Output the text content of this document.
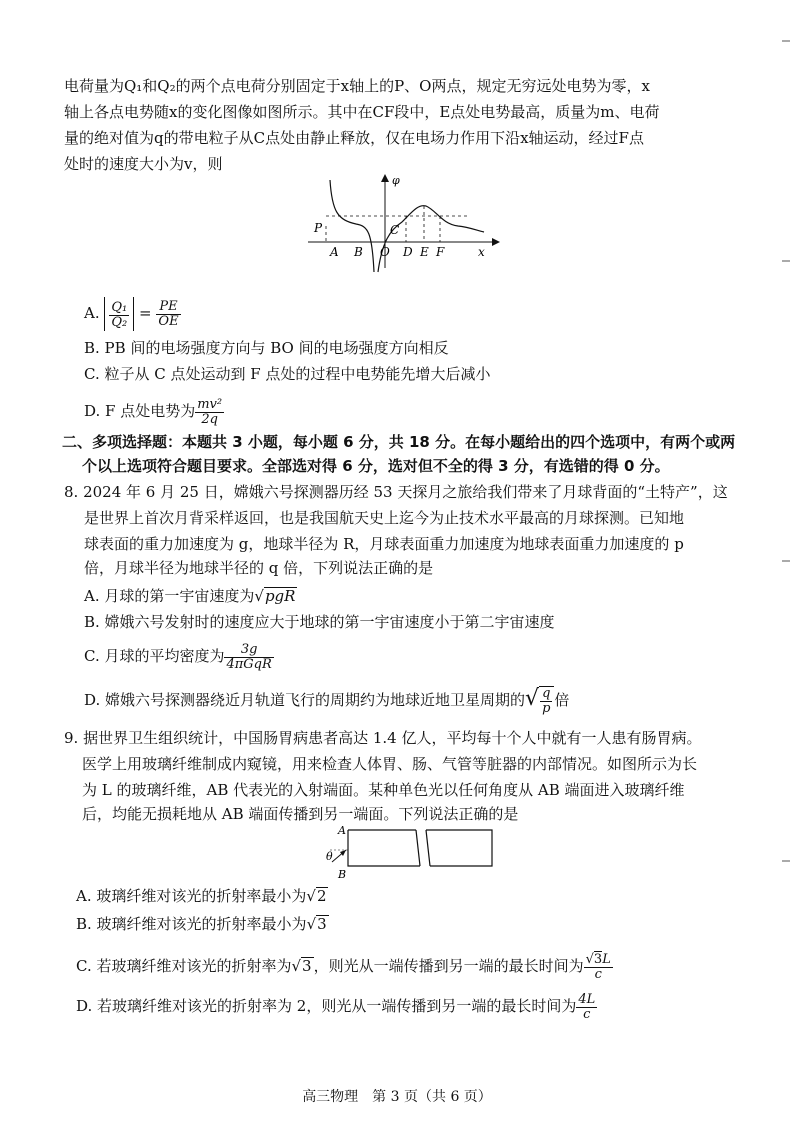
电荷量为Q₁和Q₂的两个点电荷分别固定于x轴上的P、O两点，规定无穷远处电势为零，x
轴上各点电势随x的变化图像如图所示。其中在CF段中，E点处电势最高，质量为m、电荷
量的绝对值为q的带电粒子从C点处由静止释放，仅在电场力作用下沿x轴运动，经过F点
处时的速度大小为v，则
φ
P
A B O
C
D E F	x
A. $\frac{\text{Q₁}}{\text{Q₂}} = \frac{PE}{OE}$
B. PB 间的电场强度方向与 BO 间的电场强度方向相反
C. 粒子从 C 点处运动到 F 点处的过程中电势能先增大后减小
D. F 点处电势为 $\frac{\text{mv²}}{2q}$
二、多项选择题：本题共 3 小题，每小题 6 分，共 18 分。在每小题给出的四个选项中，有两个或两
个以上选项符合题目要求。全部选对得 6 分，选对但不全的得 3 分，有选错的得 0 分。
8. 2024 年 6 月 25 日，嫦娥六号探测器历经 53 天探月之旅给我们带来了月球背面的“土特产”，这
是世界上首次月背采样返回，也是我国航天史上迄今为止技术水平最高的月球探测。已知地
球表面的重力加速度为 g，地球半径为 R，月球表面重力加速度为地球表面重力加速度的 p
倍，月球半径为地球半径的 q 倍，下列说法正确的是
A. 月球的第一宇宙速度为√pgR
B. 嫦娥六号发射时的速度应大于地球的第一宇宙速度小于第二宇宙速度
C. 月球的平均密度为 $\frac{3g}{\text{4πGqR}}$
D. 嫦娥六号探测器绕近月轨道飞行的周期约为地球近地卫星周期的√ $\frac{q}{p}$ 倍
9. 据世界卫生组织统计，中国肠胃病患者高达 1.4 亿人，平均每十个人中就有一人患有肠胃病。
医学上用玻璃纤维制成内窥镜，用来检查人体胃、肠、气管等脏器的内部情况。如图所示为长
为 L 的玻璃纤维，AB 代表光的入射端面。某种单色光以任何角度从 AB 端面进入玻璃纤维
后，均能无损耗地从 AB 端面传播到另一端面。下列说法正确的是
A
B
θ
A. 玻璃纤维对该光的折射率最小为√2
B. 玻璃纤维对该光的折射率最小为√3
C. 若玻璃纤维对该光的折射率为√3 ，则光从一端传播到另一端的最长时间为 $\frac{√3L}{c}$
D. 若玻璃纤维对该光的折射率为 2，则光从一端传播到另一端的最长时间为 $\frac{4L}{c}$
高三物理　第 3 页（共 6 页）
